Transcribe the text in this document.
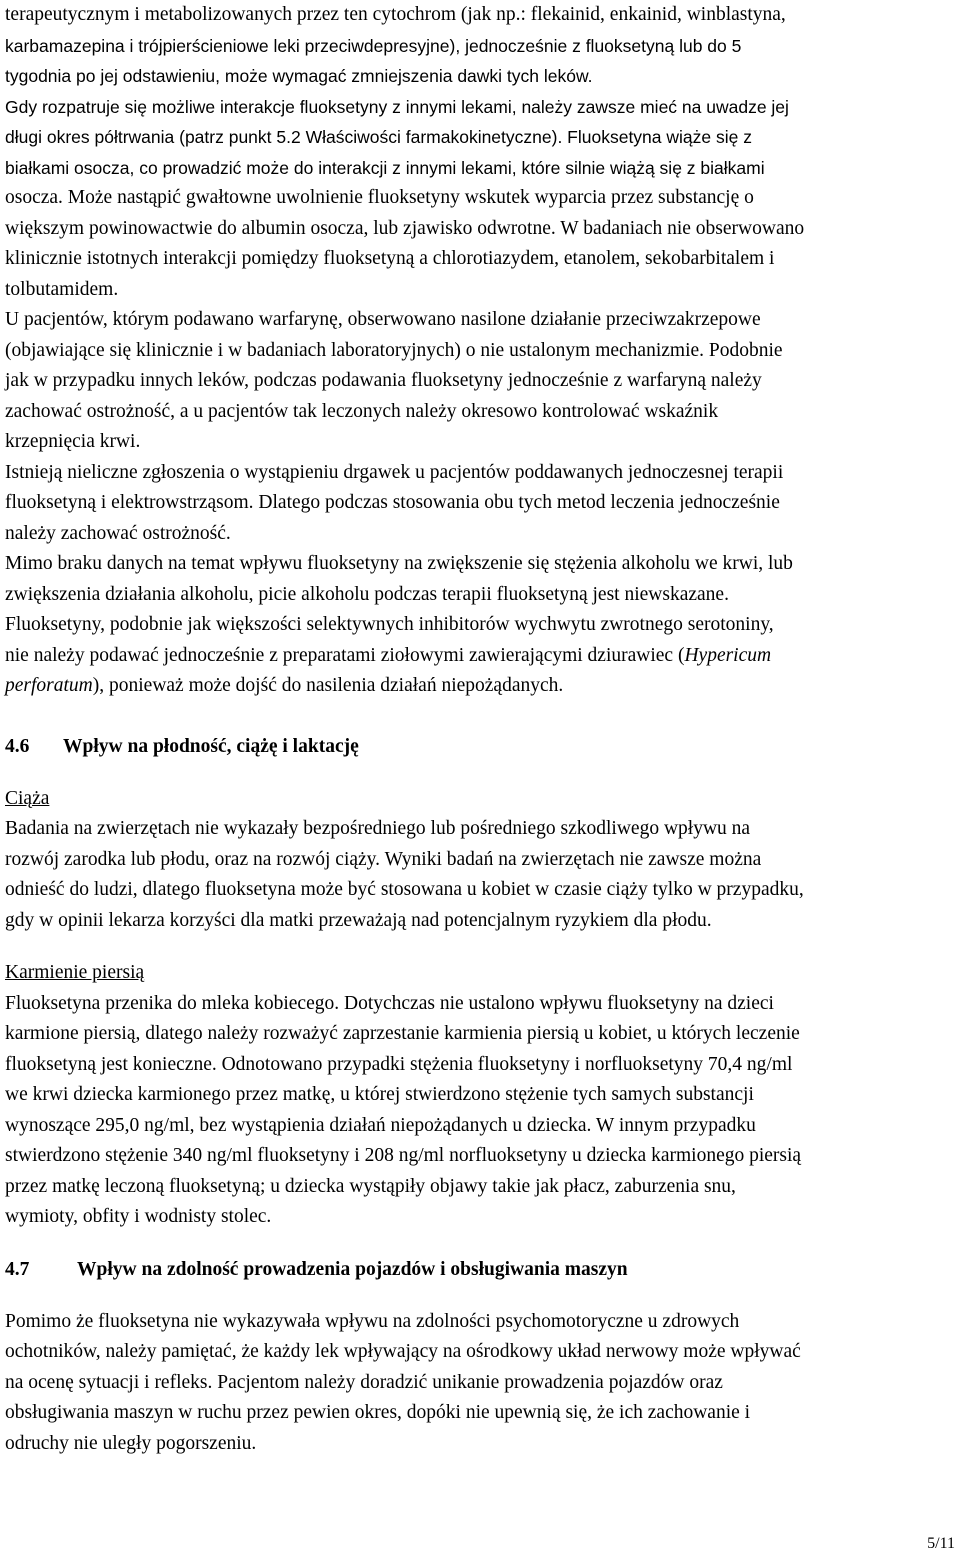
terapeutycznym i metabolizowanych przez ten cytochrom (jak np.: flekainid, enkainid, winblastyna,
karbamazepina i trójpierścieniowe leki przeciwdepresyjne), jednocześnie z fluoksetyną lub do 5
tygodnia po jej odstawieniu, może wymagać zmniejszenia dawki tych leków.
Gdy rozpatruje się możliwe interakcje fluoksetyny z innymi lekami, należy zawsze mieć na uwadze jej
długi okres półtrwania (patrz punkt 5.2 Właściwości farmakokinetyczne). Fluoksetyna wiąże się z
białkami osocza, co prowadzić może do interakcji z innymi lekami, które silnie wiążą się z białkami
osocza. Może nastąpić gwałtowne uwolnienie fluoksetyny wskutek wyparcia przez substancję o
większym powinowactwie do albumin osocza, lub zjawisko odwrotne. W badaniach nie obserwowano
klinicznie istotnych interakcji pomiędzy fluoksetyną a chlorotiazydem, etanolem, sekobarbitalem i
tolbutamidem.
U pacjentów, którym podawano warfarynę, obserwowano nasilone działanie przeciwzakrzepowe
(objawiające się klinicznie i w badaniach laboratoryjnych) o nie ustalonym mechanizmie. Podobnie
jak w przypadku innych leków, podczas podawania fluoksetyny jednocześnie z warfaryną należy
zachować ostrożność, a u pacjentów tak leczonych należy okresowo kontrolować wskaźnik
krzepnięcia krwi.
Istnieją nieliczne zgłoszenia o wystąpieniu drgawek u pacjentów poddawanych jednoczesnej terapii
fluoksetyną i elektrowstrząsom. Dlatego podczas stosowania obu tych metod leczenia jednocześnie
należy zachować ostrożność.
Mimo braku danych na temat wpływu fluoksetyny na zwiększenie się stężenia alkoholu we krwi, lub
zwiększenia działania alkoholu, picie alkoholu podczas terapii fluoksetyną jest niewskazane.
Fluoksetyny, podobnie jak większości selektywnych inhibitorów wychwytu zwrotnego serotoniny,
nie należy podawać jednocześnie z preparatami ziołowymi zawierającymi dziurawiec (Hypericum
perforatum), ponieważ może dojść do nasilenia działań niepożądanych.
4.6 Wpływ na płodność, ciążę i laktację
Ciąża
Badania na zwierzętach nie wykazały bezpośredniego lub pośredniego szkodliwego wpływu na
rozwój zarodka lub płodu, oraz na rozwój ciąży. Wyniki badań na zwierzętach nie zawsze można
odnieść do ludzi, dlatego fluoksetyna może być stosowana u kobiet w czasie ciąży tylko w przypadku,
gdy w opinii lekarza korzyści dla matki przeważają nad potencjalnym ryzykiem dla płodu.
Karmienie piersią
Fluoksetyna przenika do mleka kobiecego. Dotychczas nie ustalono wpływu fluoksetyny na dzieci
karmione piersią, dlatego należy rozważyć zaprzestanie karmienia piersią u kobiet, u których leczenie
fluoksetyną jest konieczne. Odnotowano przypadki stężenia fluoksetyny i norfluoksetyny 70,4 ng/ml
we krwi dziecka karmionego przez matkę, u której stwierdzono stężenie tych samych substancji
wynoszące 295,0 ng/ml, bez wystąpienia działań niepożądanych u dziecka. W innym przypadku
stwierdzono stężenie 340 ng/ml fluoksetyny i 208 ng/ml norfluoksetyny u dziecka karmionego piersią
przez matkę leczoną fluoksetyną; u dziecka wystąpiły objawy takie jak płacz, zaburzenia snu,
wymioty, obfity i wodnisty stolec.
4.7 Wpływ na zdolność prowadzenia pojazdów i obsługiwania maszyn
Pomimo że fluoksetyna nie wykazywała wpływu na zdolności psychomotoryczne u zdrowych
ochotników, należy pamiętać, że każdy lek wpływający na ośrodkowy układ nerwowy może wpływać
na ocenę sytuacji i refleks. Pacjentom należy doradzić unikanie prowadzenia pojazdów oraz
obsługiwania maszyn w ruchu przez pewien okres, dopóki nie upewnią się, że ich zachowanie i
odruchy nie uległy pogorszeniu.
5/11
